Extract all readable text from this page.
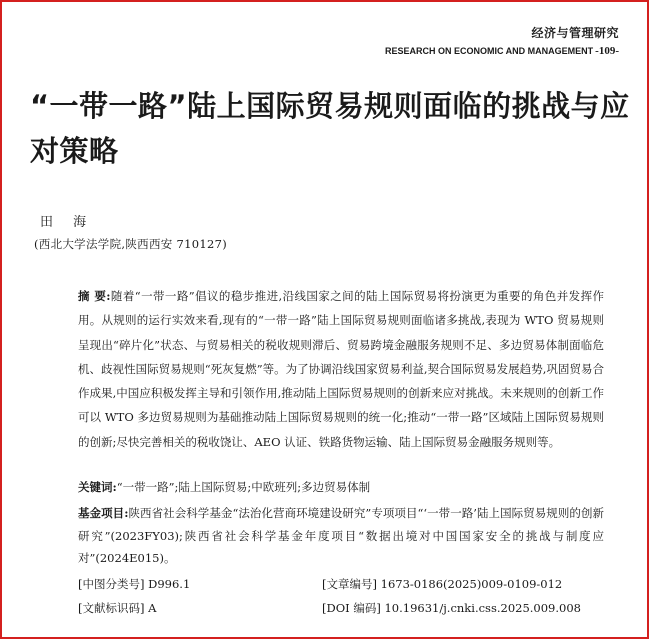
经济与管理研究
RESEARCH ON ECONOMIC AND MANAGEMENT -109-
“一带一路”陆上国际贸易规则面临的挑战与应对策略
田 海
(西北大学法学院,陕西西安 710127)
摘 要:随着“一带一路”倡议的稳步推进,沿线国家之间的陆上国际贸易将扮演更为重要的角色并发挥作用。从规则的运行实效来看,现有的“一带一路”陆上国际贸易规则面临诸多挑战,表现为 WTO 贸易规则呈现出“碎片化”状态、与贸易相关的税收规则滞后、贸易跨境金融服务规则不足、多边贸易体制面临危机、歧视性国际贸易规则“死灰复燃”等。为了协调沿线国家贸易利益,契合国际贸易发展趋势,巩固贸易合作成果,中国应积极发挥主导和引领作用,推动陆上国际贸易规则的创新来应对挑战。未来规则的创新工作可以 WTO 多边贸易规则为基础推动陆上国际贸易规则的统一化;推动“一带一路”区域陆上国际贸易规则的创新;尽快完善相关的税收饶让、AEO 认证、铁路货物运输、陆上国际贸易金融服务规则等。
关键词:“一带一路”;陆上国际贸易;中欧班列;多边贸易体制
基金项目:陕西省社会科学基金“法治化营商环境建设研究”专项项目“‘一带一路’陆上国际贸易规则的创新研究”(2023FY03);陕西省社会科学基金年度项目“数据出境对中国国家安全的挑战与制度应对”(2024E015)。
[中图分类号] D996.1	[文章编号] 1673-0186(2025)009-0109-012
[文献标识码] A	[DOI 编码] 10.19631/j.cnki.css.2025.009.008
